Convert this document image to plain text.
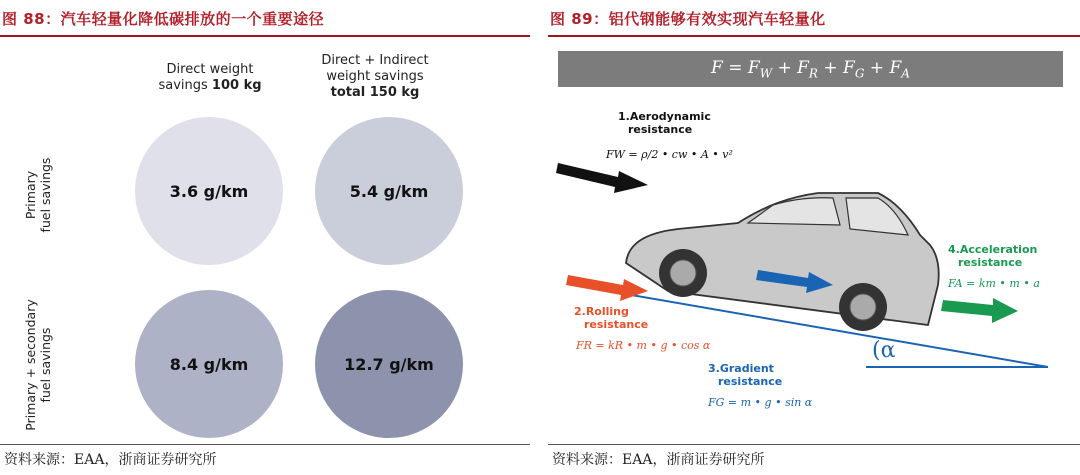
图 88：汽车轻量化降低碳排放的一个重要途径
Direct weight
savings 100 kg
Direct + Indirect
weight savings
total 150 kg
Primary fuel savings
Primary + secondary fuel savings
3.6 g/km	5.4 g/km
8.4 g/km	12.7 g/km
资料来源：EAA，浙商证券研究所
图 89：铝代钢能够有效实现汽车轻量化
$F = F_W + F_R + F_G + F_A$
1.Aerodynamic
resistance
FW = ρ/2 • cw • A • v²
2.Rolling
resistance
FR = kR • m • g • cos α
3.Gradient
resistance
FG = m • g • sin α
4.Acceleration
resistance
FA = km • m • a
(α
资料来源：EAA，浙商证券研究所
